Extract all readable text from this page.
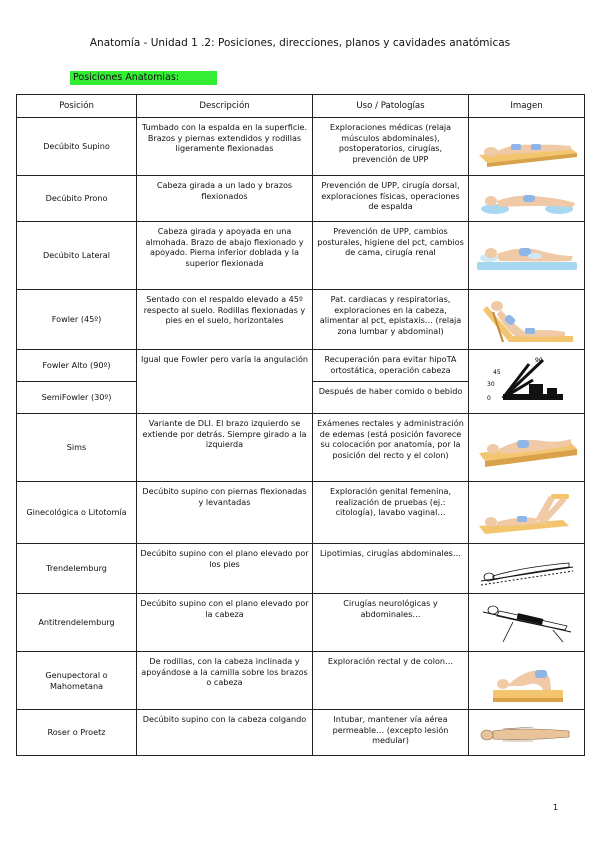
Anatomía - Unidad 1 .2: Posiciones, direcciones, planos y cavidades anatómicas
Posiciones Anatomias:
Posición	Descripción	Uso / Patologías	Imagen
Decúbito Supino	Tumbado con la espalda en la superficie. Brazos y piernas extendidos y rodillas ligeramente flexionadas	Exploraciones médicas (relaja músculos abdominales), postoperatorios, cirugías, prevención de UPP	

Decúbito Prono	Cabeza girada a un lado y brazos flexionados	Prevención de UPP, cirugía dorsal, exploraciones físicas, operaciones de espalda	

Decúbito Lateral	Cabeza girada y apoyada en una almohada. Brazo de abajo flexionado y apoyado. Pierna inferior doblada y la superior flexionada	Prevención de UPP, cambios posturales, higiene del pct, cambios de cama, cirugía renal	

Fowler (45º)	Sentado con el respaldo elevado a 45º respecto al suelo. Rodillas flexionadas y pies en el suelo, horizontales	Pat. cardiacas y respiratorias, exploraciones en la cabeza, alimentar al pct, epistaxis… (relaja zona lumbar y abdominal)	

Fowler Alto (90º)	Igual que Fowler pero varía la angulación	Recuperación para evitar hipoTA ortostática, operación cabeza	90
45
30
0

SemiFowler (30º)		Después de haber comido o bebido	
Sims	Variante de DLI. El brazo izquierdo se extiende por detrás. Siempre girado a la izquierda	Exámenes rectales y administración de edemas (está posición favorece su colocación por anatomía, por la posición del recto y el colon)	

Ginecológica o Litotomía	Decúbito supino con piernas flexionadas y levantadas	Exploración genital femenina, realización de pruebas (ej.: citología), lavabo vaginal…	

Trendelemburg	Decúbito supino con el plano elevado por los pies	Lipotimias, cirugías abdominales…	

Antitrendelemburg	Decúbito supino con el plano elevado por la cabeza	Cirugías neurológicas y abdominales…	

Genupectoral o Mahometana	De rodillas, con la cabeza inclinada y apoyándose a la camilla sobre los brazos o cabeza	Exploración rectal y de colon…	

Roser o Proetz	Decúbito supino con la cabeza colgando	Intubar, mantener vía aérea permeable… (excepto lesión medular)	
1
